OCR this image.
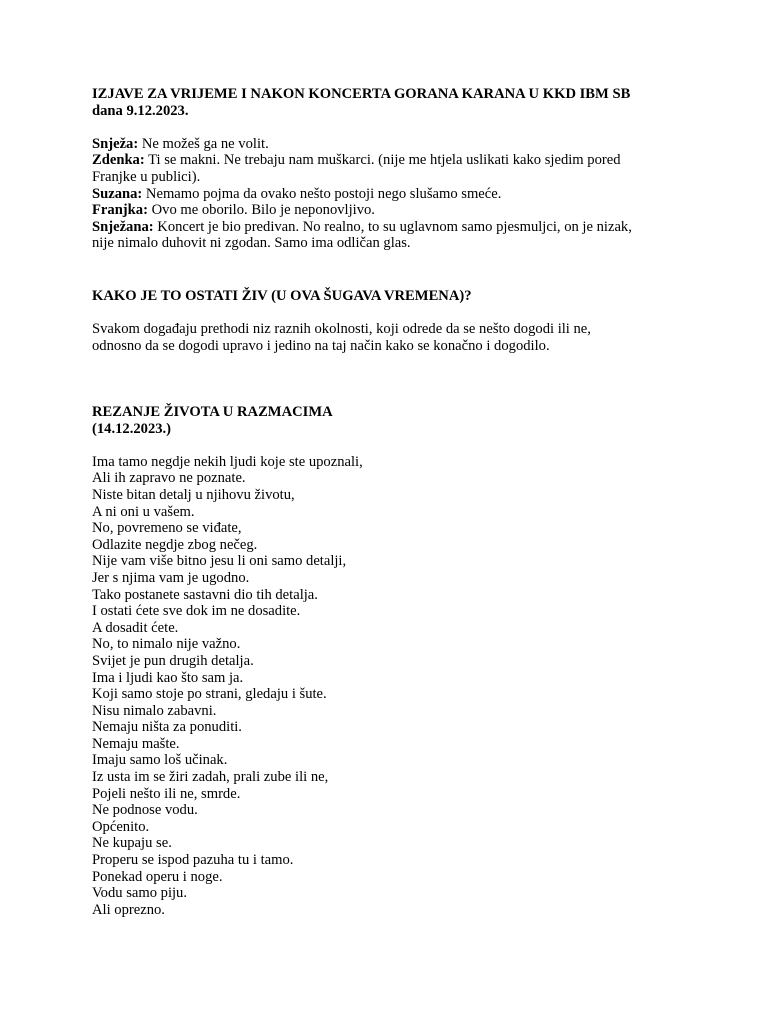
IZJAVE ZA VRIJEME I NAKON KONCERTA GORANA KARANA U KKD IBM SB
dana 9.12.2023.
Snježa: Ne možeš ga ne volit.
Zdenka: Ti se makni. Ne trebaju nam muškarci. (nije me htjela uslikati kako sjedim pored
Franjke u publici).
Suzana: Nemamo pojma da ovako nešto postoji nego slušamo smeće.
Franjka: Ovo me oborilo. Bilo je neponovljivo.
Snježana: Koncert je bio predivan. No realno, to su uglavnom samo pjesmuljci, on je nizak,
nije nimalo duhovit ni zgodan. Samo ima odličan glas.
KAKO JE TO OSTATI ŽIV (U OVA ŠUGAVA VREMENA)?
Svakom događaju prethodi niz raznih okolnosti, koji odrede da se nešto dogodi ili ne,
odnosno da se dogodi upravo i jedino na taj način kako se konačno i dogodilo.
REZANJE ŽIVOTA U RAZMACIMA
(14.12.2023.)
Ima tamo negdje nekih ljudi koje ste upoznali,
Ali ih zapravo ne poznate.
Niste bitan detalj u njihovu životu,
A ni oni u vašem.
No, povremeno se viđate,
Odlazite negdje zbog nečeg.
Nije vam više bitno jesu li oni samo detalji,
Jer s njima vam je ugodno.
Tako postanete sastavni dio tih detalja.
I ostati ćete sve dok im ne dosadite.
A dosadit ćete.
No, to nimalo nije važno.
Svijet je pun drugih detalja.
Ima i ljudi kao što sam ja.
Koji samo stoje po strani, gledaju i šute.
Nisu nimalo zabavni.
Nemaju ništa za ponuditi.
Nemaju mašte.
Imaju samo loš učinak.
Iz usta im se žiri zadah, prali zube ili ne,
Pojeli nešto ili ne, smrde.
Ne podnose vodu.
Općenito.
Ne kupaju se.
Properu se ispod pazuha tu i tamo.
Ponekad operu i noge.
Vodu samo piju.
Ali oprezno.
